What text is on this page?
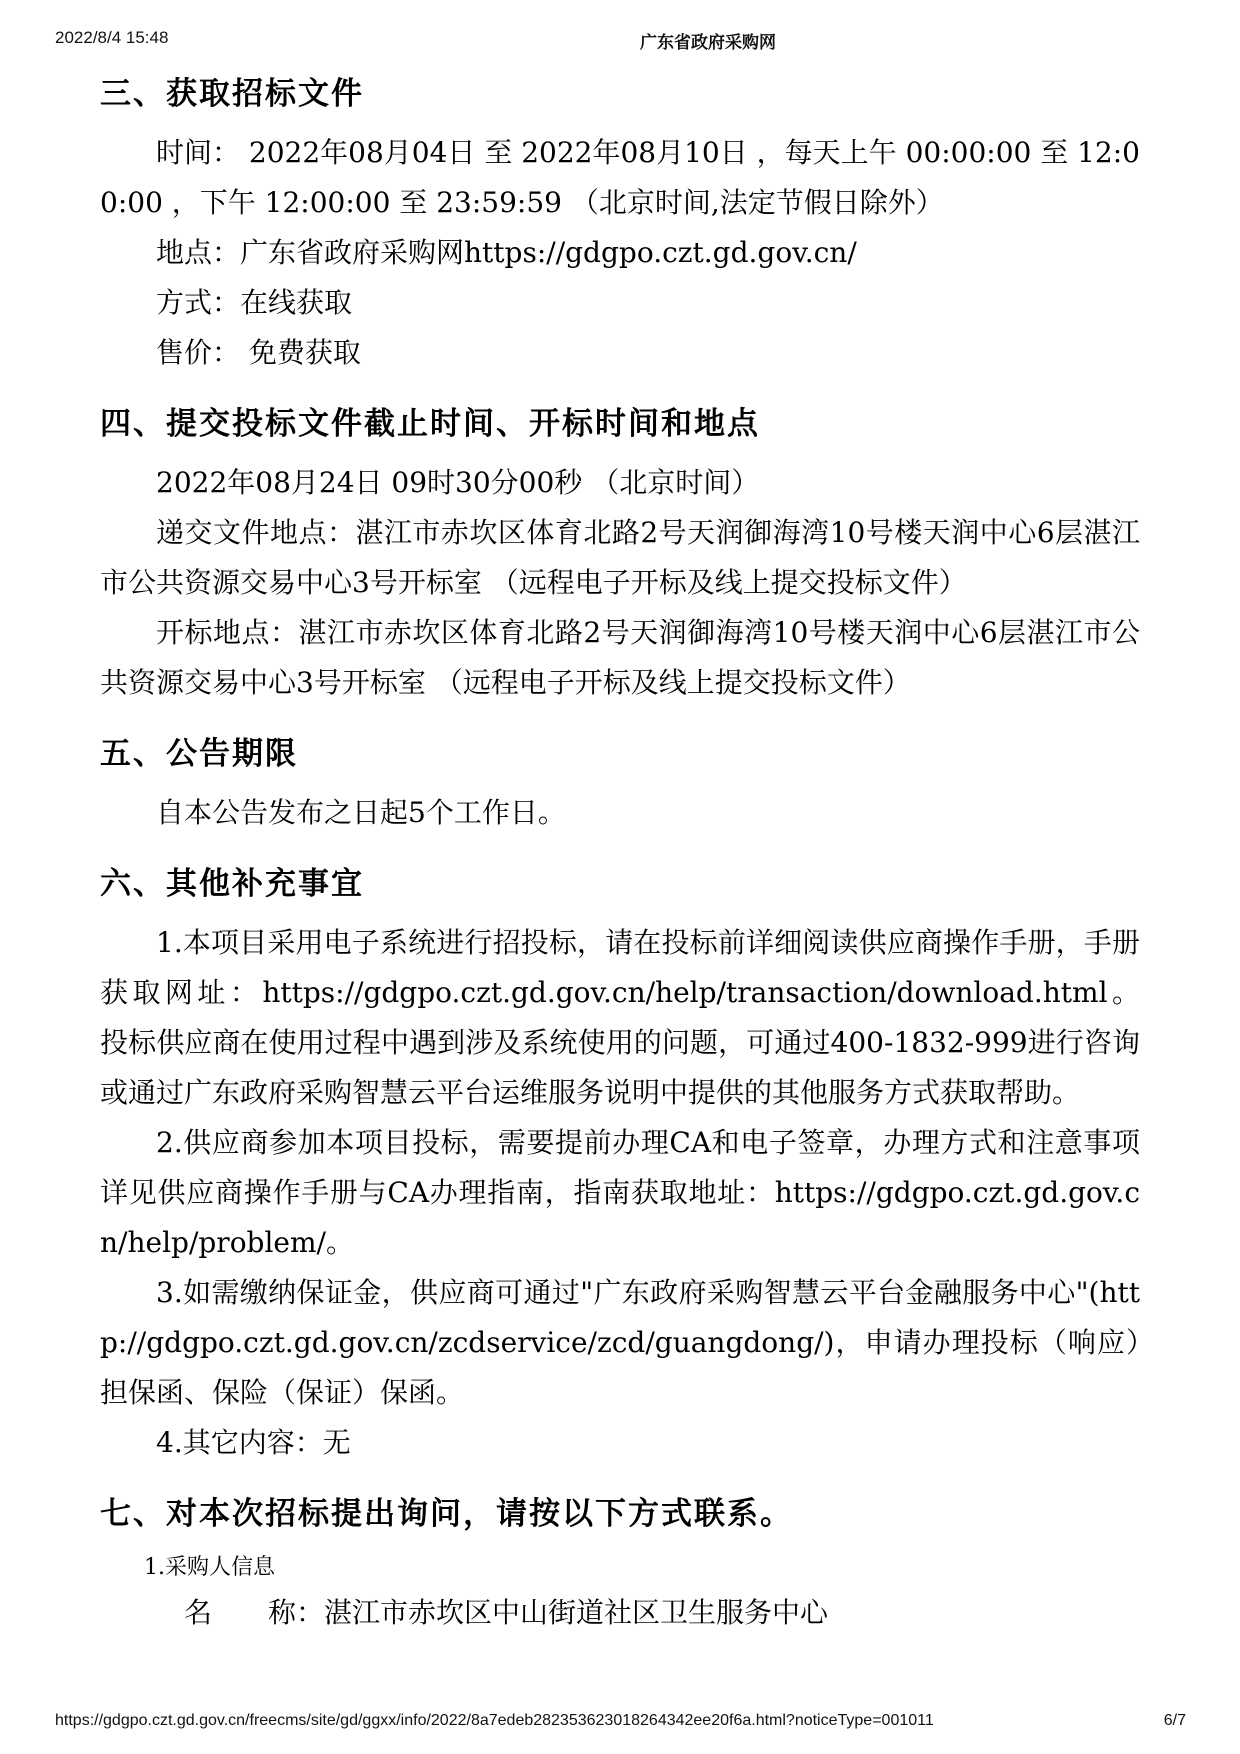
2022/8/4 15:48	广东省政府采购网
三、获取招标文件

时间： 2022年08月04日 至 2022年08月10日 ，每天上午 00:00:00 至 12:00:00 ，下午 12:00:00 至 23:59:59 （北京时间,法定节假日除外）

地点：广东省政府采购网https://gdgpo.czt.gd.gov.cn/

方式：在线获取

售价： 免费获取

四、提交投标文件截止时间、开标时间和地点

2022年08月24日 09时30分00秒 （北京时间）

递交文件地点：湛江市赤坎区体育北路2号天润御海湾10号楼天润中心6层湛江市公共资源交易中心3号开标室 （远程电子开标及线上提交投标文件）

开标地点：湛江市赤坎区体育北路2号天润御海湾10号楼天润中心6层湛江市公共资源交易中心3号开标室 （远程电子开标及线上提交投标文件）

五、公告期限

自本公告发布之日起5个工作日。

六、其他补充事宜

1.本项目采用电子系统进行招投标，请在投标前详细阅读供应商操作手册，手册获取网址：https://gdgpo.czt.gd.gov.cn/help/transaction/download.html。投标供应商在使用过程中遇到涉及系统使用的问题，可通过400-1832-999进行咨询或通过广东政府采购智慧云平台运维服务说明中提供的其他服务方式获取帮助。

2.供应商参加本项目投标，需要提前办理CA和电子签章，办理方式和注意事项详见供应商操作手册与CA办理指南，指南获取地址：https://gdgpo.czt.gd.gov.cn/help/problem/。

3.如需缴纳保证金，供应商可通过"广东政府采购智慧云平台金融服务中心"(http://gdgpo.czt.gd.gov.cn/zcdservice/zcd/guangdong/)，申请办理投标（响应）担保函、保险（保证）保函。

4.其它内容：无

七、对本次招标提出询问，请按以下方式联系。

1.采购人信息

名　　称：湛江市赤坎区中山街道社区卫生服务中心

https://gdgpo.czt.gd.gov.cn/freecms/site/gd/ggxx/info/2022/8a7edeb282353623018264342ee20f6a.html?noticeType=001011	6/7
